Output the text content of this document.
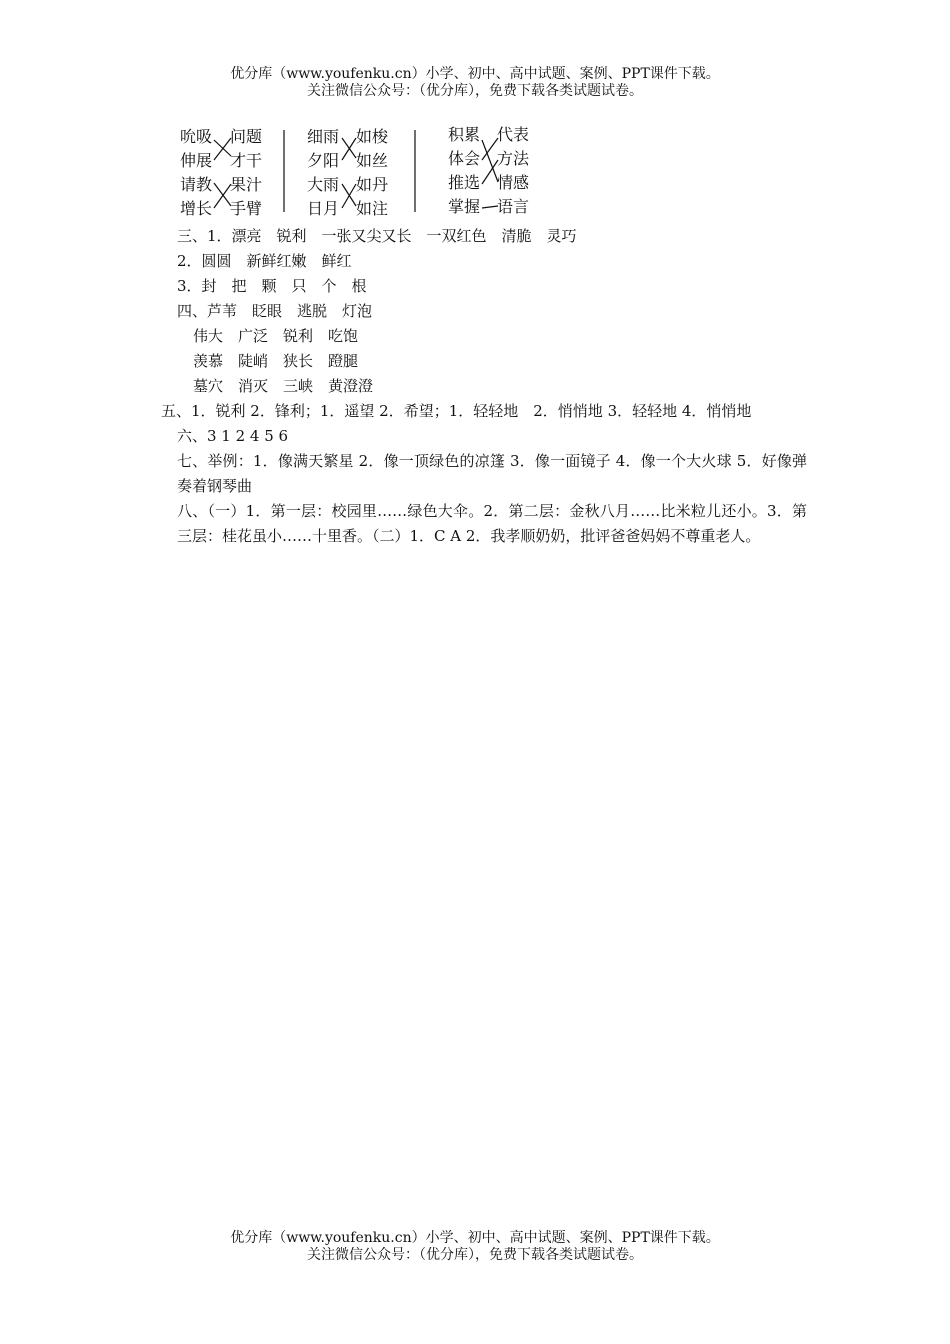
优分库（www.youfenku.cn）小学、初中、高中试题、案例、PPT课件下载。
关注微信公众号：（优分库），免费下载各类试题试卷。
吮吸
伸展
请教
增长
问题
才干
果汁
手臂
细雨
夕阳
大雨
日月
如梭
如丝
如丹
如注
积累
体会
推选
掌握
代表
方法
情感
语言
三、1．漂亮　锐利　一张又尖又长　一双红色　清脆　灵巧
2．圆圆　新鲜红嫩　鲜红
3．封　把　颗　只　个　根
四、芦苇　眨眼　逃脱　灯泡
伟大　广泛　锐利　吃饱
羡慕　陡峭　狭长　蹬腿
墓穴　消灭　三峡　黄澄澄
五、1．锐利 2．锋利；1．遥望 2．希望；1．轻轻地　2．悄悄地 3．轻轻地 4．悄悄地
六、3 1 2 4 5 6
七、举例：1．像满天繁星 2．像一顶绿色的凉篷 3．像一面镜子 4．像一个大火球 5．好像弹奏着钢琴曲
八、（一）1．第一层：校园里……绿色大伞。2．第二层：金秋八月……比米粒儿还小。3．第三层：桂花虽小……十里香。（二）1．C A 2．我孝顺奶奶，批评爸爸妈妈不尊重老人。
优分库（www.youfenku.cn）小学、初中、高中试题、案例、PPT课件下载。
关注微信公众号：（优分库），免费下载各类试题试卷。
